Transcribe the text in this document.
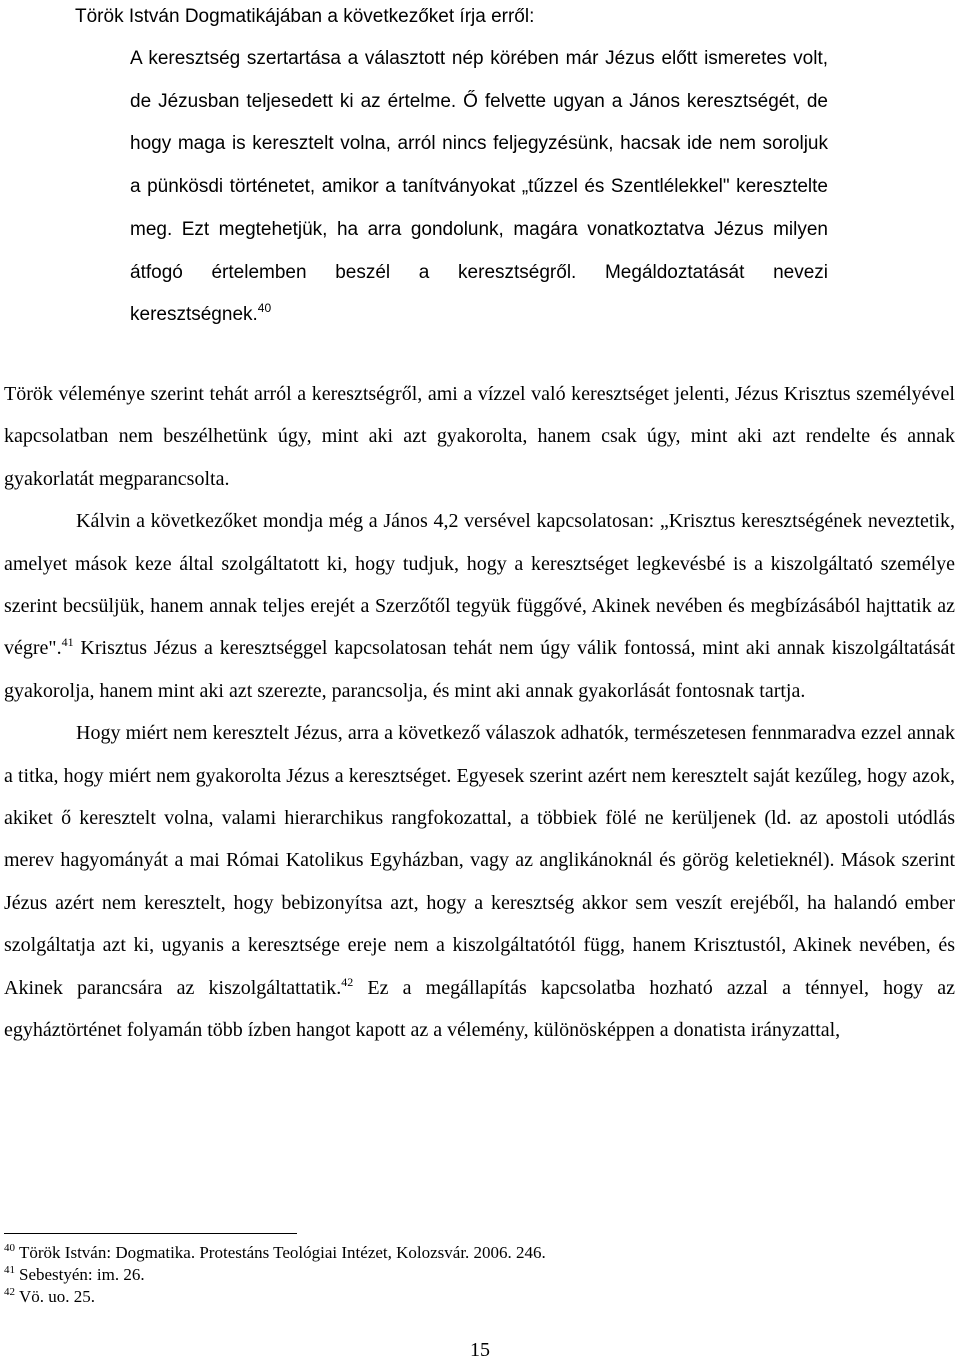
Török István Dogmatikájában a következőket írja erről:
A keresztség szertartása a választott nép körében már Jézus előtt ismeretes volt, de Jézusban teljesedett ki az értelme. Ő felvette ugyan a János keresztségét, de hogy maga is keresztelt volna, arról nincs feljegyzésünk, hacsak ide nem soroljuk a pünkösdi történetet, amikor a tanítványokat „tűzzel és Szentlélekkel" keresztelte meg. Ezt megtehetjük, ha arra gondolunk, magára vonatkoztatva Jézus milyen átfogó értelemben beszél a keresztségről. Megáldoztatását nevezi keresztségnek.$^{40}$

Török véleménye szerint tehát arról a keresztségről, ami a vízzel való keresztséget jelenti, Jézus Krisztus személyével kapcsolatban nem beszélhetünk úgy, mint aki azt gyakorolta, hanem csak úgy, mint aki azt rendelte és annak gyakorlatát megparancsolta.

Kálvin a következőket mondja még a János 4,2 versével kapcsolatosan: „Krisztus keresztségének neveztetik, amelyet mások keze által szolgáltatott ki, hogy tudjuk, hogy a keresztséget legkevésbé is a kiszolgáltató személye szerint becsüljük, hanem annak teljes erejét a Szerzőtől tegyük függővé, Akinek nevében és megbízásából hajttatik az végre".$^{41}$ Krisztus Jézus a keresztséggel kapcsolatosan tehát nem úgy válik fontossá, mint aki annak kiszolgáltatását gyakorolja, hanem mint aki azt szerezte, parancsolja, és mint aki annak gyakorlását fontosnak tartja.

Hogy miért nem keresztelt Jézus, arra a következő válaszok adhatók, természetesen fennmaradva ezzel annak a titka, hogy miért nem gyakorolta Jézus a keresztséget. Egyesek szerint azért nem keresztelt saját kezűleg, hogy azok, akiket ő keresztelt volna, valami hierarchikus rangfokozattal, a többiek fölé ne kerüljenek (ld. az apostoli utódlás merev hagyományát a mai Római Katolikus Egyházban, vagy az anglikánoknál és görög keletieknél). Mások szerint Jézus azért nem keresztelt, hogy bebizonyítsa azt, hogy a keresztség akkor sem veszít erejéből, ha halandó ember szolgáltatja azt ki, ugyanis a keresztsége ereje nem a kiszolgáltatótól függ, hanem Krisztustól, Akinek nevében, és Akinek parancsára az kiszolgáltattatik.$^{42}$ Ez a megállapítás kapcsolatba hozható azzal a ténnyel, hogy az egyháztörténet folyamán több ízben hangot kapott az a vélemény, különösképpen a donatista irányzattal,

$^{40}$ Török István: Dogmatika. Protestáns Teológiai Intézet, Kolozsvár. 2006. 246.
$^{41}$ Sebestyén: im. 26.
$^{42}$ Vö. uo. 25.
15
